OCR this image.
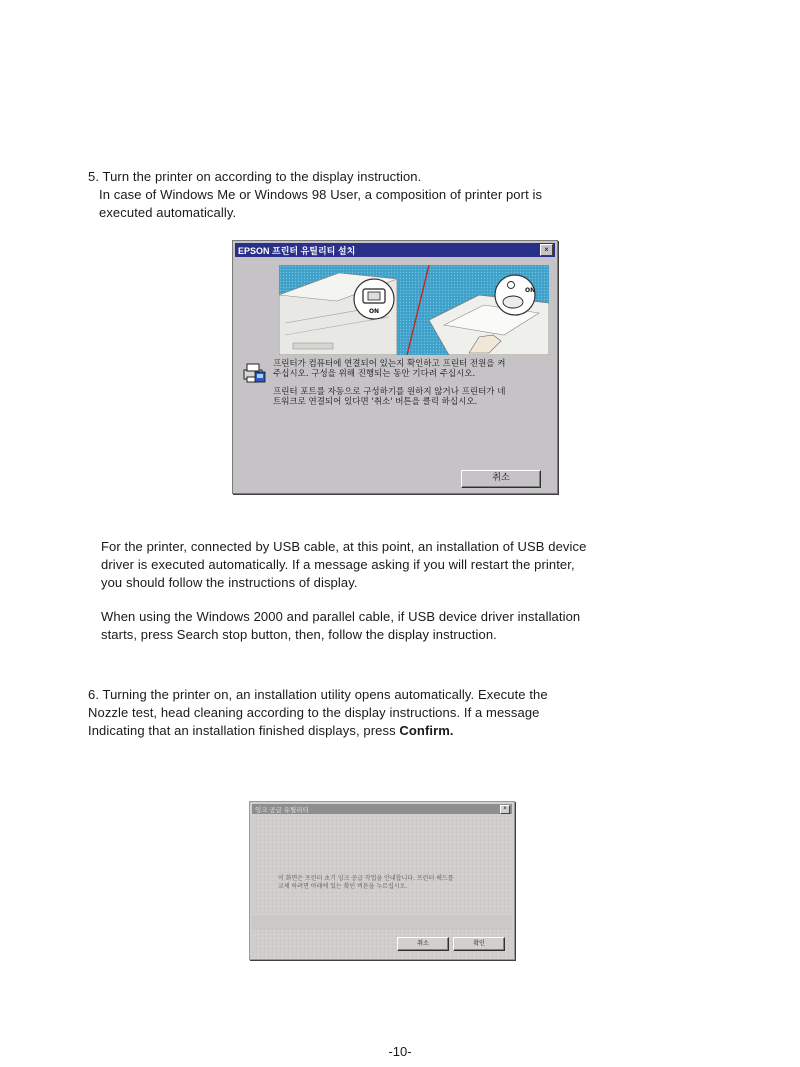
5. Turn the printer on according to the display instruction.
In case of Windows Me or Windows 98 User, a composition of printer port is
executed automatically.
EPSON 프린터 유틸리티 설치	×
ON
ON
프린터가 컴퓨터에 연결되어 있는지 확인하고 프린터 전원을 켜
주십시오. 구성을 위해 진행되는 동안 기다려 주십시오.
프린터 포트를 자동으로 구성하기를 원하지 않거나 프린터가 네
트워크로 연결되어 있다면 '취소' 버튼을 클릭 하십시오.
취소
For the printer, connected by USB cable, at this point, an installation of USB device
driver is executed automatically. If a message asking if you will restart the printer,
you should follow the instructions of display.
When using the Windows 2000 and parallel cable, if USB device driver installation
starts, press Search stop button, then, follow the display instruction.
6. Turning the printer on, an installation utility opens automatically. Execute the
Nozzle test, head cleaning according to the display instructions. If a message
Indicating that an installation finished displays, press Confirm.
잉크 공급 유틸리티	×
이 화면은 프린터 초기 잉크 공급 작업을 안내합니다. 프린터 헤드를
교체 하려면 아래에 있는 확인 버튼을 누르십시오.
취소	확인
-10-
